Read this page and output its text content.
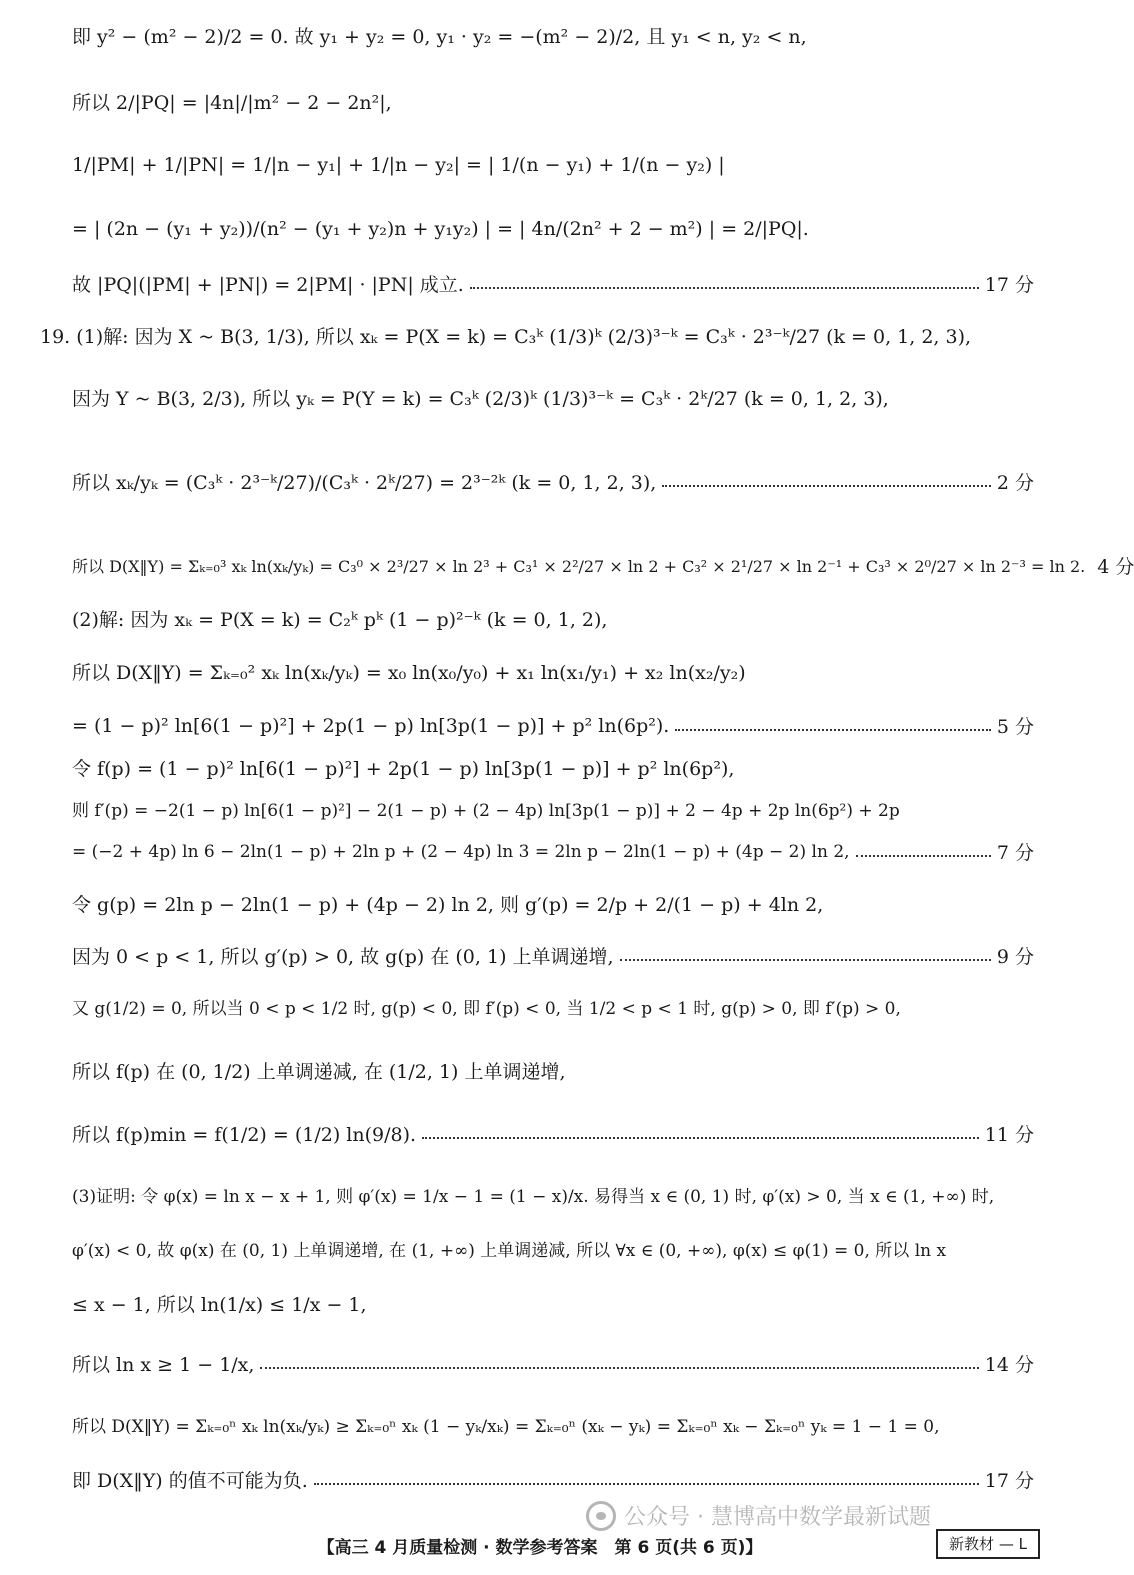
即 y² − (m² − 2)/2 = 0. 故 y₁ + y₂ = 0, y₁ · y₂ = −(m² − 2)/2, 且 y₁ < n, y₂ < n,
所以 2/|PQ| = |4n|/|m² − 2 − 2n²|,
1/|PM| + 1/|PN| = 1/|n − y₁| + 1/|n − y₂| = | 1/(n − y₁) + 1/(n − y₂) |
= | (2n − (y₁ + y₂))/(n² − (y₁ + y₂)n + y₁y₂) | = | 4n/(2n² + 2 − m²) | = 2/|PQ|.
故 |PQ|(|PM| + |PN|) = 2|PM| · |PN| 成立.	17 分
19. (1)解: 因为 X ~ B(3, 1/3), 所以 xₖ = P(X = k) = C₃ᵏ (1/3)ᵏ (2/3)³⁻ᵏ = C₃ᵏ · 2³⁻ᵏ/27 (k = 0, 1, 2, 3),
因为 Y ~ B(3, 2/3), 所以 yₖ = P(Y = k) = C₃ᵏ (2/3)ᵏ (1/3)³⁻ᵏ = C₃ᵏ · 2ᵏ/27 (k = 0, 1, 2, 3),
所以 xₖ/yₖ = (C₃ᵏ · 2³⁻ᵏ/27)/(C₃ᵏ · 2ᵏ/27) = 2³⁻²ᵏ (k = 0, 1, 2, 3),	2 分
所以 D(X‖Y) = Σₖ₌₀³ xₖ ln(xₖ/yₖ) = C₃⁰ × 2³/27 × ln 2³ + C₃¹ × 2²/27 × ln 2 + C₃² × 2¹/27 × ln 2⁻¹ + C₃³ × 2⁰/27 × ln 2⁻³ = ln 2. 4 分
(2)解: 因为 xₖ = P(X = k) = C₂ᵏ pᵏ (1 − p)²⁻ᵏ (k = 0, 1, 2),
所以 D(X‖Y) = Σₖ₌₀² xₖ ln(xₖ/yₖ) = x₀ ln(x₀/y₀) + x₁ ln(x₁/y₁) + x₂ ln(x₂/y₂)
= (1 − p)² ln[6(1 − p)²] + 2p(1 − p) ln[3p(1 − p)] + p² ln(6p²).	5 分
令 f(p) = (1 − p)² ln[6(1 − p)²] + 2p(1 − p) ln[3p(1 − p)] + p² ln(6p²),
则 f′(p) = −2(1 − p) ln[6(1 − p)²] − 2(1 − p) + (2 − 4p) ln[3p(1 − p)] + 2 − 4p + 2p ln(6p²) + 2p
= (−2 + 4p) ln 6 − 2ln(1 − p) + 2ln p + (2 − 4p) ln 3 = 2ln p − 2ln(1 − p) + (4p − 2) ln 2,	7 分
令 g(p) = 2ln p − 2ln(1 − p) + (4p − 2) ln 2, 则 g′(p) = 2/p + 2/(1 − p) + 4ln 2,
因为 0 < p < 1, 所以 g′(p) > 0, 故 g(p) 在 (0, 1) 上单调递增,	9 分
又 g(1/2) = 0, 所以当 0 < p < 1/2 时, g(p) < 0, 即 f′(p) < 0, 当 1/2 < p < 1 时, g(p) > 0, 即 f′(p) > 0,
所以 f(p) 在 (0, 1/2) 上单调递减, 在 (1/2, 1) 上单调递增,
所以 f(p)min = f(1/2) = (1/2) ln(9/8).	11 分
(3)证明: 令 φ(x) = ln x − x + 1, 则 φ′(x) = 1/x − 1 = (1 − x)/x. 易得当 x ∈ (0, 1) 时, φ′(x) > 0, 当 x ∈ (1, +∞) 时,
φ′(x) < 0, 故 φ(x) 在 (0, 1) 上单调递增, 在 (1, +∞) 上单调递减, 所以 ∀x ∈ (0, +∞), φ(x) ≤ φ(1) = 0, 所以 ln x
≤ x − 1, 所以 ln(1/x) ≤ 1/x − 1,
所以 ln x ≥ 1 − 1/x,	14 分
所以 D(X‖Y) = Σₖ₌₀ⁿ xₖ ln(xₖ/yₖ) ≥ Σₖ₌₀ⁿ xₖ (1 − yₖ/xₖ) = Σₖ₌₀ⁿ (xₖ − yₖ) = Σₖ₌₀ⁿ xₖ − Σₖ₌₀ⁿ yₖ = 1 − 1 = 0,
即 D(X‖Y) 的值不可能为负.	17 分
公众号 · 慧博高中数学最新试题
【高三 4 月质量检测 · 数学参考答案　第 6 页(共 6 页)】	新教材 — L
